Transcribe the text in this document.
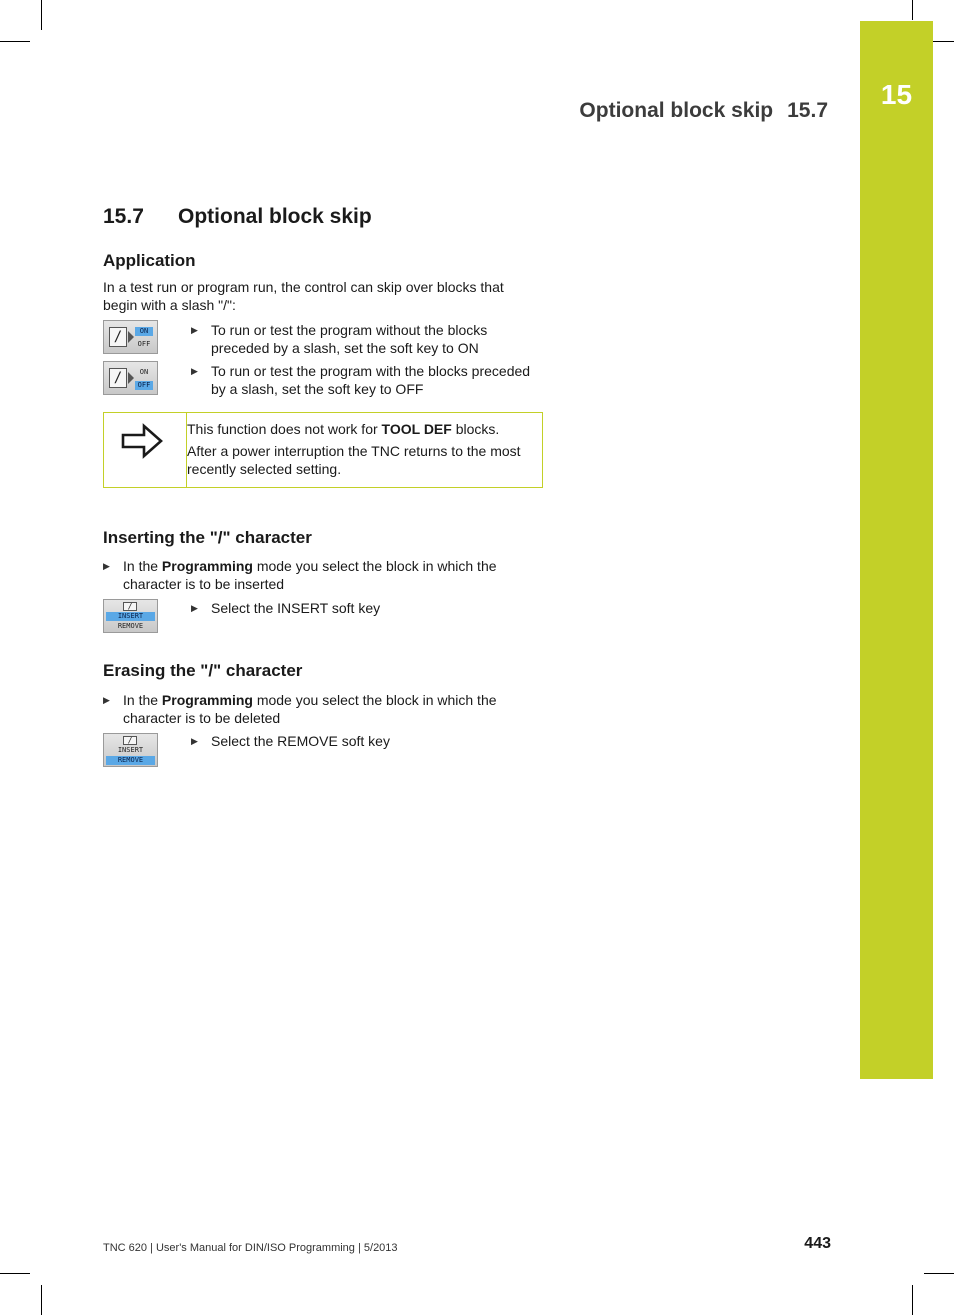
15
Optional block skip 15.7
15.7 Optional block skip
Application
In a test run or program run, the control can skip over blocks that begin with a slash "/":
/	ON
OFF
▶ To run or test the program without the blocks preceded by a slash, set the soft key to ON
/	ON
OFF
▶ To run or test the program with the blocks preceded by a slash, set the soft key to OFF
This function does not work for TOOL DEF blocks.
After a power interruption the TNC returns to the most recently selected setting.
Inserting the "/" character
▶ In the Programming mode you select the block in which the character is to be inserted
/
INSERT
REMOVE
▶ Select the INSERT soft key
Erasing the "/" character
▶ In the Programming mode you select the block in which the character is to be deleted
/
INSERT
REMOVE
▶ Select the REMOVE soft key
TNC 620 | User's Manual for DIN/ISO Programming | 5/2013	443
